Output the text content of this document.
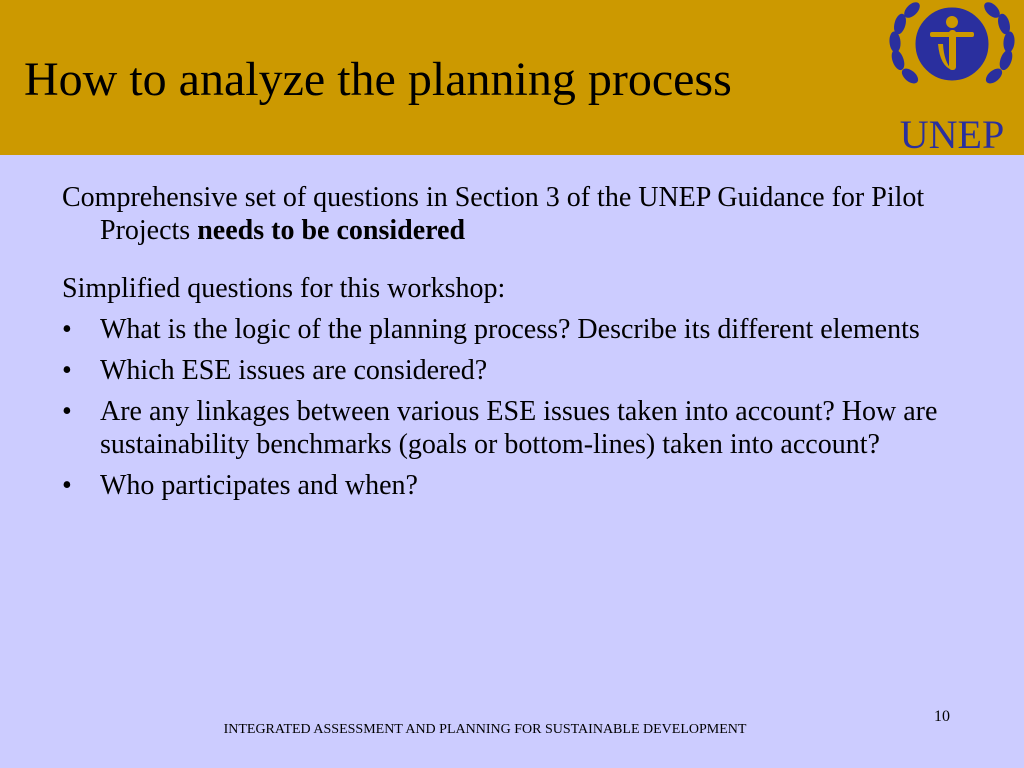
How to analyze the planning process
UNEP

Comprehensive set of questions in Section 3 of the UNEP Guidance for Pilot Projects needs to be considered

Simplified questions for this workshop:

• What is the logic of the planning process? Describe its different elements
• Which ESE issues are considered?
• Are any linkages between various ESE issues taken into account? How are sustainability benchmarks (goals or bottom-lines) taken into account?
• Who participates and when?
10
INTEGRATED ASSESSMENT AND PLANNING FOR SUSTAINABLE DEVELOPMENT
